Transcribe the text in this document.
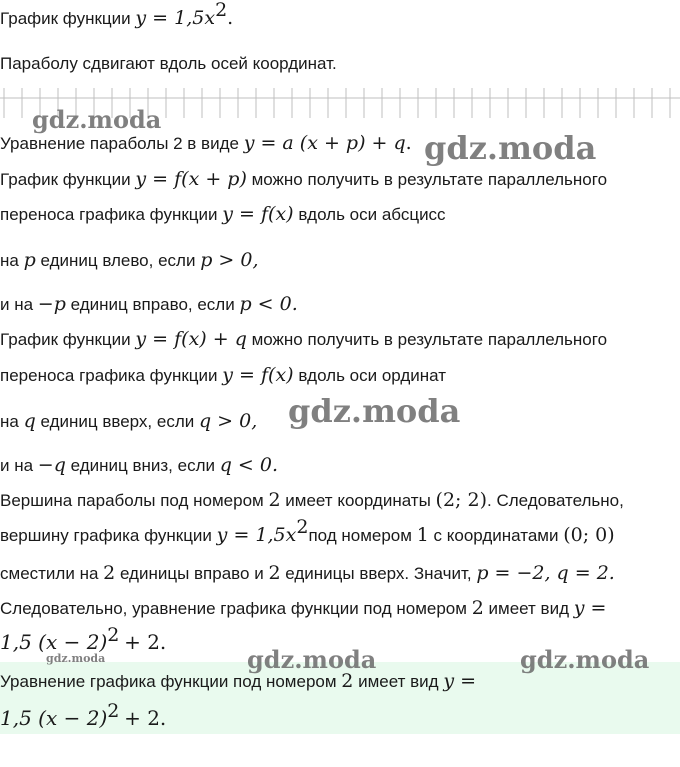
График функции $y = 1,5x^2$.
Параболу сдвигают вдоль осей координат.
Уравнение параболы 2 в виде y = a (x + p) + q.
График функции y = f(x + p) можно получить в результате параллельного
переноса графика функции y = f(x) вдоль оси абсцисс
на p единиц влево, если p > 0,
и на −p единиц вправо, если p < 0.
График функции y = f(x) + q можно получить в результате параллельного
переноса графика функции y = f(x) вдоль оси ординат
на q единиц вверх, если q > 0,
и на −q единиц вниз, если q < 0.
Вершина параболы под номером 2 имеет координаты (2; 2). Следовательно,
вершину графика функции $y = 1,5x^2под$ номером 1 с координатами (0; 0)
сместили на 2 единицы вправо и 2 единицы вверх. Значит, p = −2, q = 2.
Следовательно, уравнение графика функции под номером 2 имеет вид y =
1,5 $(x - 2)^2 + 2$.
Уравнение графика функции под номером 2 имеет вид y =
1,5 $(x - 2)^2 + 2$.
gdz.moda
gdz.moda
gdz.moda
gdz.moda	gdz.moda	gdz.moda
